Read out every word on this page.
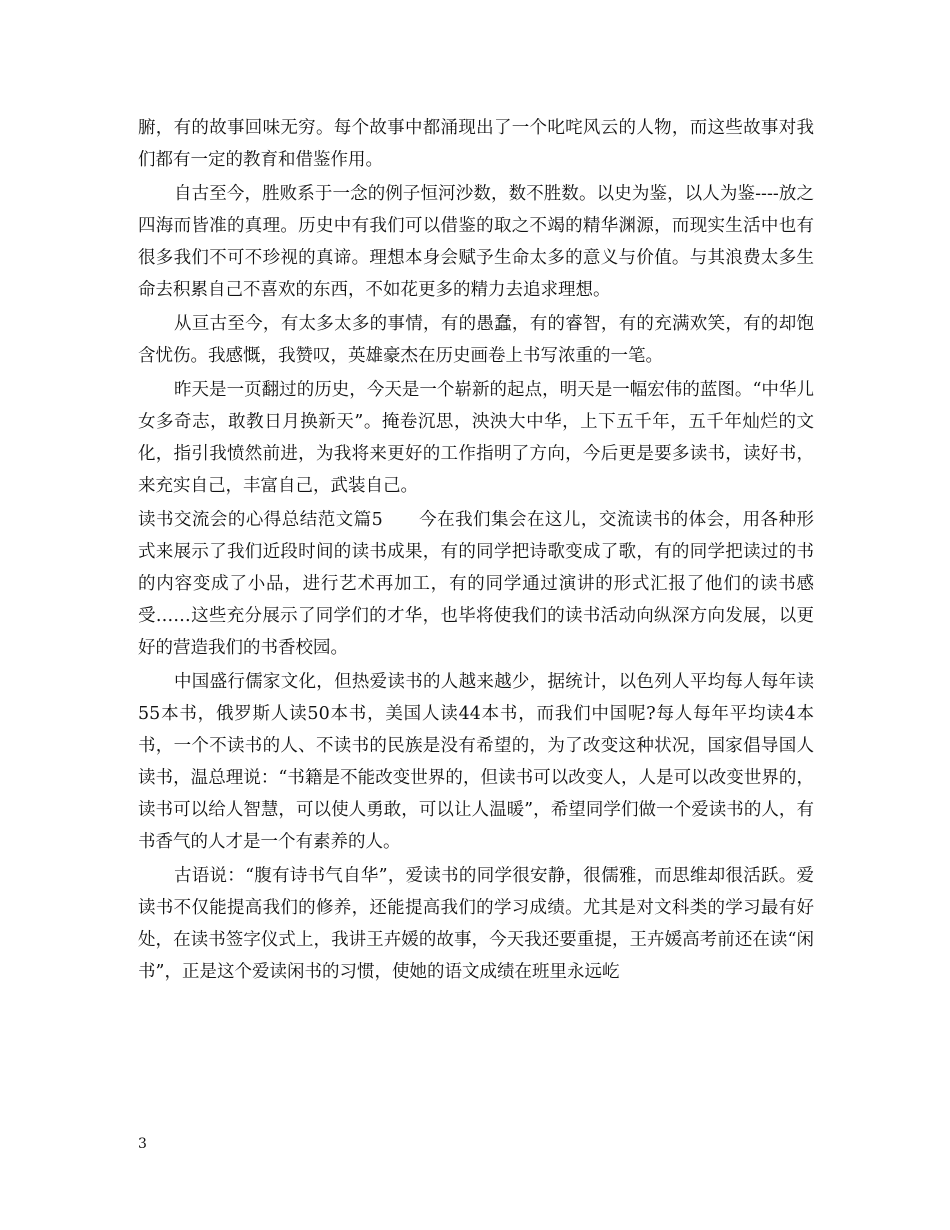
腑，有的故事回味无穷。每个故事中都涌现出了一个叱咤风云的人物，而这些故事对我们都有一定的教育和借鉴作用。

自古至今，胜败系于一念的例子恒河沙数，数不胜数。以史为鉴，以人为鉴----放之四海而皆准的真理。历史中有我们可以借鉴的取之不竭的精华渊源，而现实生活中也有很多我们不可不珍视的真谛。理想本身会赋予生命太多的意义与价值。与其浪费太多生命去积累自己不喜欢的东西，不如花更多的精力去追求理想。

从亘古至今，有太多太多的事情，有的愚蠢，有的睿智，有的充满欢笑，有的却饱含忧伤。我感慨，我赞叹，英雄豪杰在历史画卷上书写浓重的一笔。

昨天是一页翻过的历史，今天是一个崭新的起点，明天是一幅宏伟的蓝图。“中华儿女多奇志，敢教日月换新天”。掩卷沉思，泱泱大中华，上下五千年，五千年灿烂的文化，指引我愤然前进，为我将来更好的工作指明了方向，今后更是要多读书，读好书，来充实自己，丰富自己，武装自己。

读书交流会的心得总结范文篇5　　今在我们集会在这儿，交流读书的体会，用各种形式来展示了我们近段时间的读书成果，有的同学把诗歌变成了歌，有的同学把读过的书的内容变成了小品，进行艺术再加工，有的同学通过演讲的形式汇报了他们的读书感受……这些充分展示了同学们的才华，也毕将使我们的读书活动向纵深方向发展，以更好的营造我们的书香校园。

中国盛行儒家文化，但热爱读书的人越来越少，据统计，以色列人平均每人每年读55本书，俄罗斯人读50本书，美国人读44本书，而我们中国呢?每人每年平均读4本书，一个不读书的人、不读书的民族是没有希望的，为了改变这种状况，国家倡导国人读书，温总理说：“书籍是不能改变世界的，但读书可以改变人，人是可以改变世界的，读书可以给人智慧，可以使人勇敢，可以让人温暖”，希望同学们做一个爱读书的人，有书香气的人才是一个有素养的人。

古语说：“腹有诗书气自华”，爱读书的同学很安静，很儒雅，而思维却很活跃。爱读书不仅能提高我们的修养，还能提高我们的学习成绩。尤其是对文科类的学习最有好处，在读书签字仪式上，我讲王卉媛的故事，今天我还要重提，王卉媛高考前还在读“闲书”，正是这个爱读闲书的习惯，使她的语文成绩在班里永远屹

3
